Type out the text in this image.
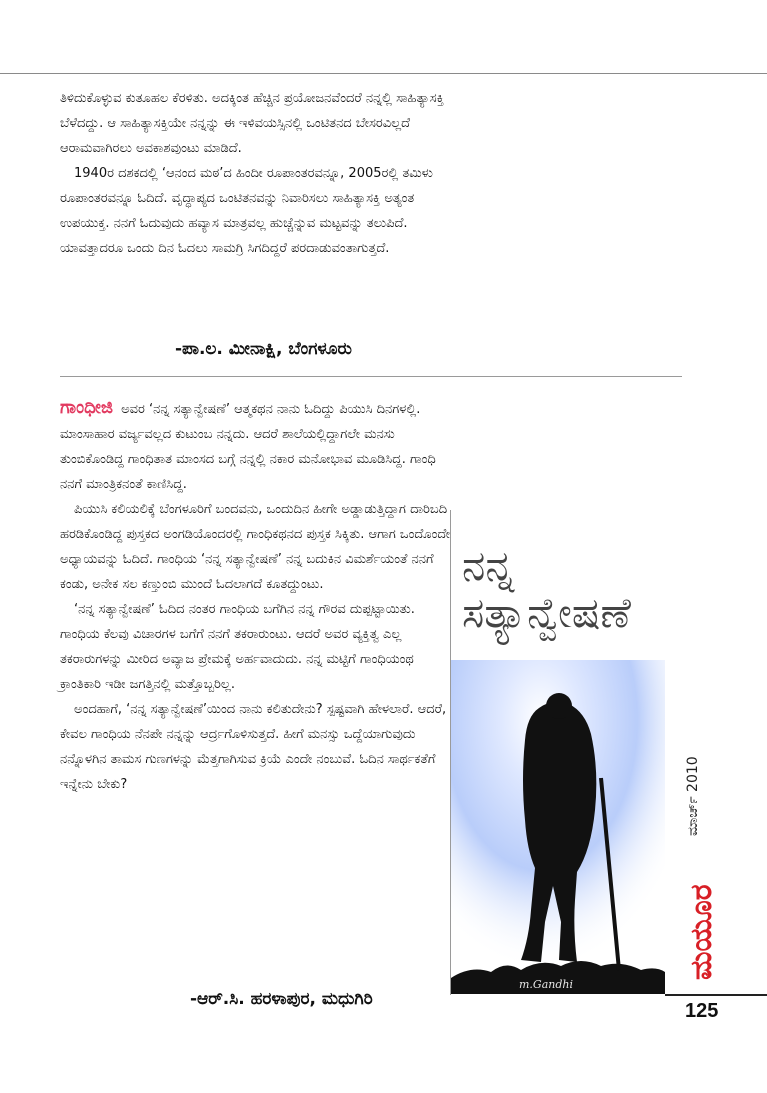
ತಿಳಿದುಕೊಳ್ಳುವ ಕುತೂಹಲ ಕೆರಳಿತು. ಅದಕ್ಕಿಂತ ಹೆಚ್ಚಿನ ಪ್ರಯೋಜನವೆಂದರೆ ನನ್ನಲ್ಲಿ ಸಾಹಿತ್ಯಾಸಕ್ತಿ ಬೆಳೆದದ್ದು. ಆ ಸಾಹಿತ್ಯಾಸಕ್ತಿಯೇ ನನ್ನನ್ನು ಈ ಇಳಿವಯಸ್ಸಿನಲ್ಲಿ ಒಂಟಿತನದ ಬೇಸರವಿಲ್ಲದೆ ಆರಾಮವಾಗಿರಲು ಅವಕಾಶವುಂಟು ಮಾಡಿದೆ.

1940ರ ದಶಕದಲ್ಲಿ ‘ಆನಂದ ಮಠ’ದ ಹಿಂದೀ ರೂಪಾಂತರವನ್ನೂ, 2005ರಲ್ಲಿ ತಮಿಳು ರೂಪಾಂತರವನ್ನೂ ಓದಿದೆ. ವೃದ್ಧಾಪ್ಯದ ಒಂಟಿತನವನ್ನು ನಿವಾರಿಸಲು ಸಾಹಿತ್ಯಾಸಕ್ತಿ ಅತ್ಯಂತ ಉಪಯುಕ್ತ. ನನಗೆ ಓದುವುದು ಹವ್ಯಾಸ ಮಾತ್ರವಲ್ಲ ಹುಚ್ಚೆನ್ನುವ ಮಟ್ಟವನ್ನು ತಲುಪಿದೆ. ಯಾವತ್ತಾದರೂ ಒಂದು ದಿನ ಓದಲು ಸಾಮಗ್ರಿ ಸಿಗದಿದ್ದರೆ ಪರದಾಡುವಂತಾಗುತ್ತದೆ.

-ಪಾ.ಲ. ಮೀನಾಕ್ಷಿ, ಬೆಂಗಳೂರು

ಗಾಂಧೀಜಿ ಅವರ ‘ನನ್ನ ಸತ್ಯಾನ್ವೇಷಣೆ’ ಆತ್ಮಕಥನ ನಾನು ಓದಿದ್ದು ಪಿಯುಸಿ ದಿನಗಳಲ್ಲಿ. ಮಾಂಸಾಹಾರ ವರ್ಜ್ಯವಲ್ಲದ ಕುಟುಂಬ ನನ್ನದು. ಆದರೆ ಶಾಲೆಯಲ್ಲಿದ್ದಾಗಲೇ ಮನಸು ತುಂಬಿಕೊಂಡಿದ್ದ ಗಾಂಧಿತಾತ ಮಾಂಸದ ಬಗ್ಗೆ ನನ್ನಲ್ಲಿ ನಕಾರ ಮನೋಭಾವ ಮೂಡಿಸಿದ್ದ. ಗಾಂಧಿ ನನಗೆ ಮಾಂತ್ರಿಕನಂತೆ ಕಾಣಿಸಿದ್ದ.

ಪಿಯುಸಿ ಕಲಿಯಲಿಕ್ಕೆ ಬೆಂಗಳೂರಿಗೆ ಬಂದವನು, ಒಂದುದಿನ ಹೀಗೇ ಅಡ್ಡಾಡುತ್ತಿದ್ದಾಗ ದಾರಿಬದಿ ಹರಡಿಕೊಂಡಿದ್ದ ಪುಸ್ತಕದ ಅಂಗಡಿಯೊಂದರಲ್ಲಿ ಗಾಂಧಿಕಥನದ ಪುಸ್ತಕ ಸಿಕ್ಕಿತು. ಆಗಾಗ ಒಂದೊಂದೇ ಅಧ್ಯಾಯವನ್ನು ಓದಿದೆ. ಗಾಂಧಿಯ ‘ನನ್ನ ಸತ್ಯಾನ್ವೇಷಣೆ’ ನನ್ನ ಬದುಕಿನ ವಿಮರ್ಶೆಯಂತೆ ನನಗೆ ಕಂಡು, ಅನೇಕ ಸಲ ಕಣ್ತುಂಬಿ ಮುಂದೆ ಓದಲಾಗದೆ ಕೂತದ್ದುಂಟು.

‘ನನ್ನ ಸತ್ಯಾನ್ವೇಷಣೆ’ ಓದಿದ ನಂತರ ಗಾಂಧಿಯ ಬಗೆಗಿನ ನನ್ನ ಗೌರವ ದುಪ್ಪಟ್ಟಾಯಿತು. ಗಾಂಧಿಯ ಕೆಲವು ವಿಚಾರಗಳ ಬಗೆಗೆ ನನಗೆ ತಕರಾರುಂಟು. ಆದರೆ ಅವರ ವ್ಯಕ್ತಿತ್ವ ಎಲ್ಲ ತಕರಾರುಗಳನ್ನು ಮೀರಿದ ಅವ್ಯಾಜ ಪ್ರೇಮಕ್ಕೆ ಅರ್ಹವಾದುದು. ನನ್ನ ಮಟ್ಟಿಗೆ ಗಾಂಧಿಯಂಥ ಕ್ರಾಂತಿಕಾರಿ ಇಡೀ ಜಗತ್ತಿನಲ್ಲಿ ಮತ್ತೊಬ್ಬರಿಲ್ಲ.

ಅಂದಹಾಗೆ, ‘ನನ್ನ ಸತ್ಯಾನ್ವೇಷಣೆ’ಯಿಂದ ನಾನು ಕಲಿತುದೇನು? ಸ್ಪಷ್ಟವಾಗಿ ಹೇಳಲಾರೆ. ಆದರೆ, ಕೇವಲ ಗಾಂಧಿಯ ನೆನಪೇ ನನ್ನನ್ನು ಆರ್ದ್ರಗೊಳಿಸುತ್ತದೆ. ಹೀಗೆ ಮನಸ್ಸು ಒದ್ದೆಯಾಗುವುದು ನನ್ನೊಳಗಿನ ತಾಮಸ ಗುಣಗಳನ್ನು ಮೆತ್ತಗಾಗಿಸುವ ಕ್ರಿಯೆ ಎಂದೇ ನಂಬುವೆ. ಓದಿನ ಸಾರ್ಥಕತೆಗೆ ಇನ್ನೇನು ಬೇಕು?

-ಆರ್.ಸಿ. ಹರಳಾಪುರ, ಮಧುಗಿರಿ
ನನ್ನ
ಸತ್ಯಾನ್ವೇಷಣೆ
m.Gandhi
ಮಾರ್ಚ್ 2010
ಮಯೂರ
125
